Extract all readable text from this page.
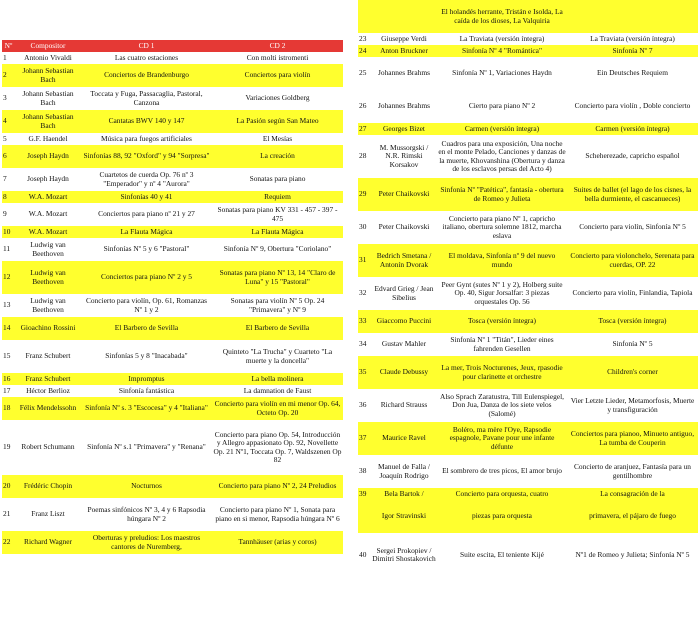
Nº	Compositor	CD 1	CD 2
1	Antonio Vivaldi	Las cuatro estaciones	Con molti istromenti
2	Johann Sebastian Bach	Conciertos de Brandenburgo	Conciertos para violín
3	Johann Sebastian Bach	Toccata y Fuga, Passacaglia, Pastoral, Canzona	Variaciones Goldberg
4	Johann Sebastian Bach	Cantatas BWV 140 y 147	La Pasión según San Mateo
5	G.F. Haendel	Música para fuegos artificiales	El Mesías
6	Joseph Haydn	Sinfonías 88, 92 "Oxford" y 94 "Sorpresa"	La creación
7	Joseph Haydn	Cuartetos de cuerda Op. 76 nº 3 "Emperador" y nº 4 "Aurora"	Sonatas para piano
8	W.A. Mozart	Sinfonías 40 y 41	Requiem
9	W.A. Mozart	Conciertos para piano nº 21 y 27	Sonatas para piano KV 331 - 457 - 397 - 475
10	W.A. Mozart	La Flauta Mágica	La Flauta Mágica
11	Ludwig van Beethoven	Sinfonías Nº 5 y 6 "Pastoral"	Sinfonía Nº 9, Obertura "Coriolano"
12	Ludwig van Beethoven	Conciertos para piano Nº 2 y 5	Sonatas para piano Nº 13, 14 "Claro de Luna" y 15 "Pastoral"
13	Ludwig van Beethoven	Concierto para violín, Op. 61, Romanzas Nº 1 y 2	Sonatas para violín Nº 5 Op. 24 "Primavera" y Nº 9
14	Gioachino Rossini	El Barbero de Sevilla	El Barbero de Sevilla
15	Franz Schubert	Sinfonías 5 y 8 "Inacabada"	Quinteto "La Trucha" y Cuarteto "La muerte y la doncella"
16	Franz Schubert	Impromptus	La bella molinera
17	Héctor Berlioz	Sinfonía fantástica	La damnation de Faust
18	Félix Mendelssohn	Sinfonía Nº s. 3 "Escocesa" y 4 "Italiana"	Concierto para violín en mi menor Op. 64, Octeto Op. 20
19	Robert Schumann	Sinfonía Nº s.1 "Primavera" y "Renana"	Concierto para piano Op. 54, Introducción y Allegro appasionato Op. 92, Novellette Op. 21 Nº1, Toccata Op. 7, Waldszenen Op 82
20	Frédéric Chopin	Nocturnos	Concierto para piano Nº 2, 24 Preludios
21	Franz Liszt	Poemas sinfónicos Nº 3, 4 y 6 Rapsodia húngara Nº 2	Concierto para piano Nº 1, Sonata para piano en si menor, Rapsodia húngara Nº 6
22	Richard Wagner	Oberturas y preludios: Los maestros cantores de Nuremberg,	Tannhäuser (arias y coros)
		El holandés herrante, Tristán e Isolda, La caída de los dioses, La Valquiria	
23	Giuseppe Verdi	La Traviata (versión íntegra)	La Traviata (versión íntegra)
24	Anton Bruckner	Sinfonía Nº 4 "Romántica"	Sinfonía Nº 7
25	Johannes Brahms	Sinfonía Nº 1, Variaciones Haydn	Ein Deutsches Requiem
26	Johannes Brahms	Cierto para piano Nº 2	Concierto para violín , Doble concierto
27	Georges Bizet	Carmen (versión íntegra)	Carmen (versión íntegra)
28	M. Mussorgski / N.R. Rimski Korsakov	Cuadros para una exposición, Una noche en el monte Pelado, Canciones y danzas de la muerte, Khovanshina (Obertura y danza de los esclavos persas del Acto 4)	Scheherezade, capricho español
29	Peter Chaikovski	Sinfonía Nº "Patética", fantasía - obertura de Romeo y Julieta	Suites de ballet (el lago de los cisnes, la bella durmiente, el cascanueces)
30	Peter Chaikovski	Concierto para piano Nº 1, capricho italiano, obertura solemne 1812, marcha eslava	Concierto para violín, Sinfonía Nº 5
31	Bedrich Smetana / Antonín Dvorak	El moldava, Sinfonía nº 9 del nuevo mundo	Concierto para violonchelo, Serenata para cuerdas, OP. 22
32	Edvard Grieg / Jean Sibelius	Peer Gynt (sutes Nº 1 y 2), Holberg suite Op. 40, Sigur Jorsalfar: 3 piezas orquestales Op. 56	Concierto para violín, Finlandia, Tapiola
33	Giaccomo Puccini	Tosca (versión íntegra)	Tosca (versión íntegra)
34	Gustav Mahler	Sinfonía Nº 1 "Titán", Lieder eines fahrenden Gesellen	Sinfonía Nº 5
35	Claude Debussy	La mer, Trois Nocturenes, Jeux, rpasodie pour clarinette et orchestre	Children's corner
36	Richard Strauss	Also Sprach Zaratustra, Till Eulenspiegel, Don Jua, Danza de los siete velos (Salomé)	Vier Letzte Lieder, Metamorfosis, Muerte y transfiguración
37	Maurice Ravel	Boléro, ma mère l'Oye, Rapsodie espagnole, Pavane pour une infante défunte	Conciertos para pianoo, Minueto antiguo, La tumba de Couperin
38	Manuel de Falla / Joaquín Rodrigo	El sombrero de tres picos, El amor brujo	Concierto de aranjuez, Fantasía para un gentilhombre
39	Bela Bartok /	Concierto para orquesta, cuatro	La consagración de la
	Igor Stravinski	piezas para orquesta	primavera, el pájaro de fuego
40	Sergei Prokopiev / Dimitri Shostakovich	Suite escita, El teniente Kijé	Nº1 de Romeo y Julieta; Sinfonía Nº 5
